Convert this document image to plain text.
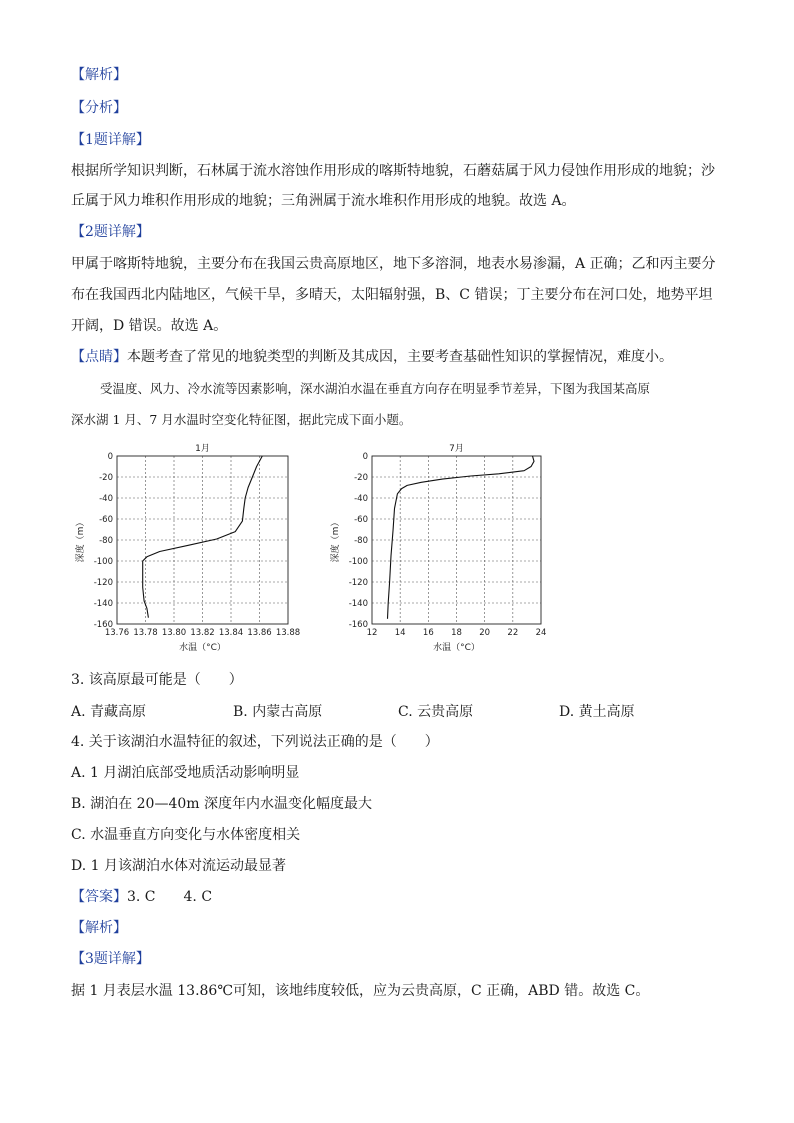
【解析】
【分析】
【1题详解】
根据所学知识判断，石林属于流水溶蚀作用形成的喀斯特地貌，石蘑菇属于风力侵蚀作用形成的地貌；沙
丘属于风力堆积作用形成的地貌；三角洲属于流水堆积作用形成的地貌。故选 A。
【2题详解】
甲属于喀斯特地貌，主要分布在我国云贵高原地区，地下多溶洞，地表水易渗漏，A 正确；乙和丙主要分
布在我国西北内陆地区，气候干旱，多晴天，太阳辐射强，B、C 错误；丁主要分布在河口处，地势平坦
开阔，D 错误。故选 A。
【点睛】本题考查了常见的地貌类型的判断及其成因，主要考查基础性知识的掌握情况，难度小。
受温度、风力、冷水流等因素影响，深水湖泊水温在垂直方向存在明显季节差异，下图为我国某高原
深水湖 1 月、7 月水温时空变化特征图，据此完成下面小题。
13.76 13.78 13.80 13.82 13.84 13.86 13.88
0
-20
-40
-60
-80
-100
-120
-140
-160
1月
水温（°C）
深度（m）
12 14 16 18 20 22 24
0
-20
-40
-60
-80
-100
-120
-140
-160
7月
水温（°C）
深度（m）
3. 该高原最可能是（　　）
A. 青藏高原	B. 内蒙古高原	C. 云贵高原	D. 黄土高原
4. 关于该湖泊水温特征的叙述，下列说法正确的是（　　）
A. 1 月湖泊底部受地质活动影响明显
B. 湖泊在 20—40m 深度年内水温变化幅度最大
C. 水温垂直方向变化与水体密度相关
D. 1 月该湖泊水体对流运动最显著
【答案】3. C　　4. C
【解析】
【3题详解】
据 1 月表层水温 13.86℃可知，该地纬度较低，应为云贵高原，C 正确，ABD 错。故选 C。
